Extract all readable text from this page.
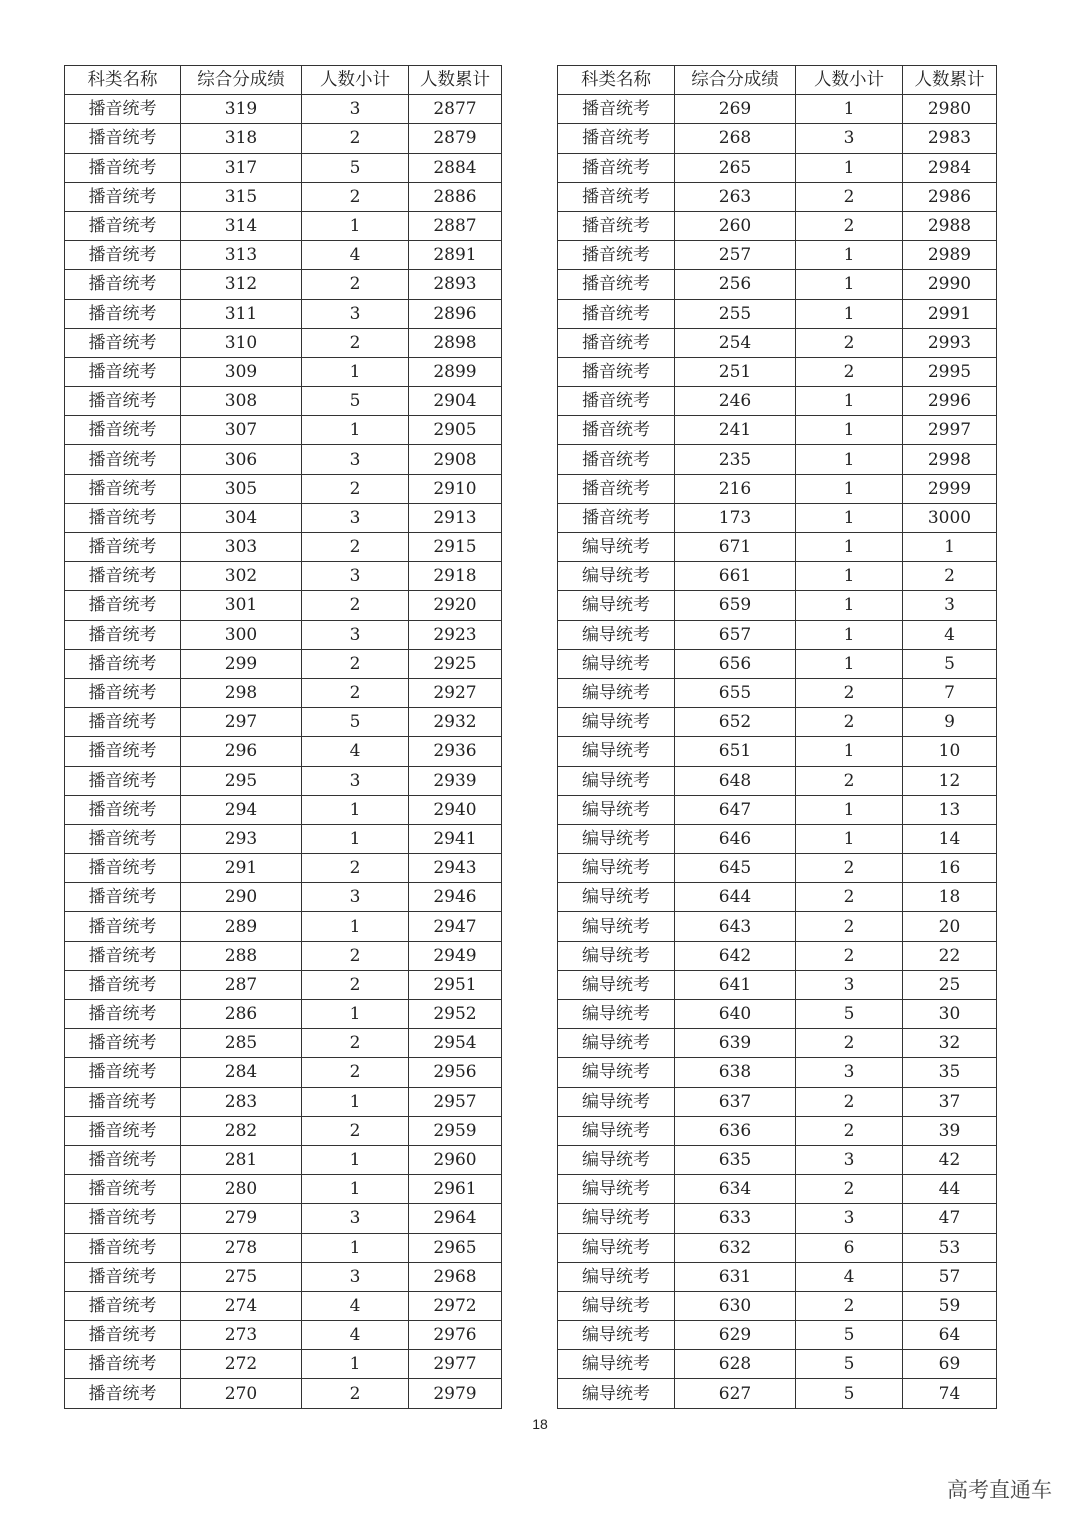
科类名称	综合分成绩	人数小计	人数累计
播音统考	319	3	2877
播音统考	318	2	2879
播音统考	317	5	2884
播音统考	315	2	2886
播音统考	314	1	2887
播音统考	313	4	2891
播音统考	312	2	2893
播音统考	311	3	2896
播音统考	310	2	2898
播音统考	309	1	2899
播音统考	308	5	2904
播音统考	307	1	2905
播音统考	306	3	2908
播音统考	305	2	2910
播音统考	304	3	2913
播音统考	303	2	2915
播音统考	302	3	2918
播音统考	301	2	2920
播音统考	300	3	2923
播音统考	299	2	2925
播音统考	298	2	2927
播音统考	297	5	2932
播音统考	296	4	2936
播音统考	295	3	2939
播音统考	294	1	2940
播音统考	293	1	2941
播音统考	291	2	2943
播音统考	290	3	2946
播音统考	289	1	2947
播音统考	288	2	2949
播音统考	287	2	2951
播音统考	286	1	2952
播音统考	285	2	2954
播音统考	284	2	2956
播音统考	283	1	2957
播音统考	282	2	2959
播音统考	281	1	2960
播音统考	280	1	2961
播音统考	279	3	2964
播音统考	278	1	2965
播音统考	275	3	2968
播音统考	274	4	2972
播音统考	273	4	2976
播音统考	272	1	2977
播音统考	270	2	2979
科类名称	综合分成绩	人数小计	人数累计
播音统考	269	1	2980
播音统考	268	3	2983
播音统考	265	1	2984
播音统考	263	2	2986
播音统考	260	2	2988
播音统考	257	1	2989
播音统考	256	1	2990
播音统考	255	1	2991
播音统考	254	2	2993
播音统考	251	2	2995
播音统考	246	1	2996
播音统考	241	1	2997
播音统考	235	1	2998
播音统考	216	1	2999
播音统考	173	1	3000
编导统考	671	1	1
编导统考	661	1	2
编导统考	659	1	3
编导统考	657	1	4
编导统考	656	1	5
编导统考	655	2	7
编导统考	652	2	9
编导统考	651	1	10
编导统考	648	2	12
编导统考	647	1	13
编导统考	646	1	14
编导统考	645	2	16
编导统考	644	2	18
编导统考	643	2	20
编导统考	642	2	22
编导统考	641	3	25
编导统考	640	5	30
编导统考	639	2	32
编导统考	638	3	35
编导统考	637	2	37
编导统考	636	2	39
编导统考	635	3	42
编导统考	634	2	44
编导统考	633	3	47
编导统考	632	6	53
编导统考	631	4	57
编导统考	630	2	59
编导统考	629	5	64
编导统考	628	5	69
编导统考	627	5	74
18
高考直通车
